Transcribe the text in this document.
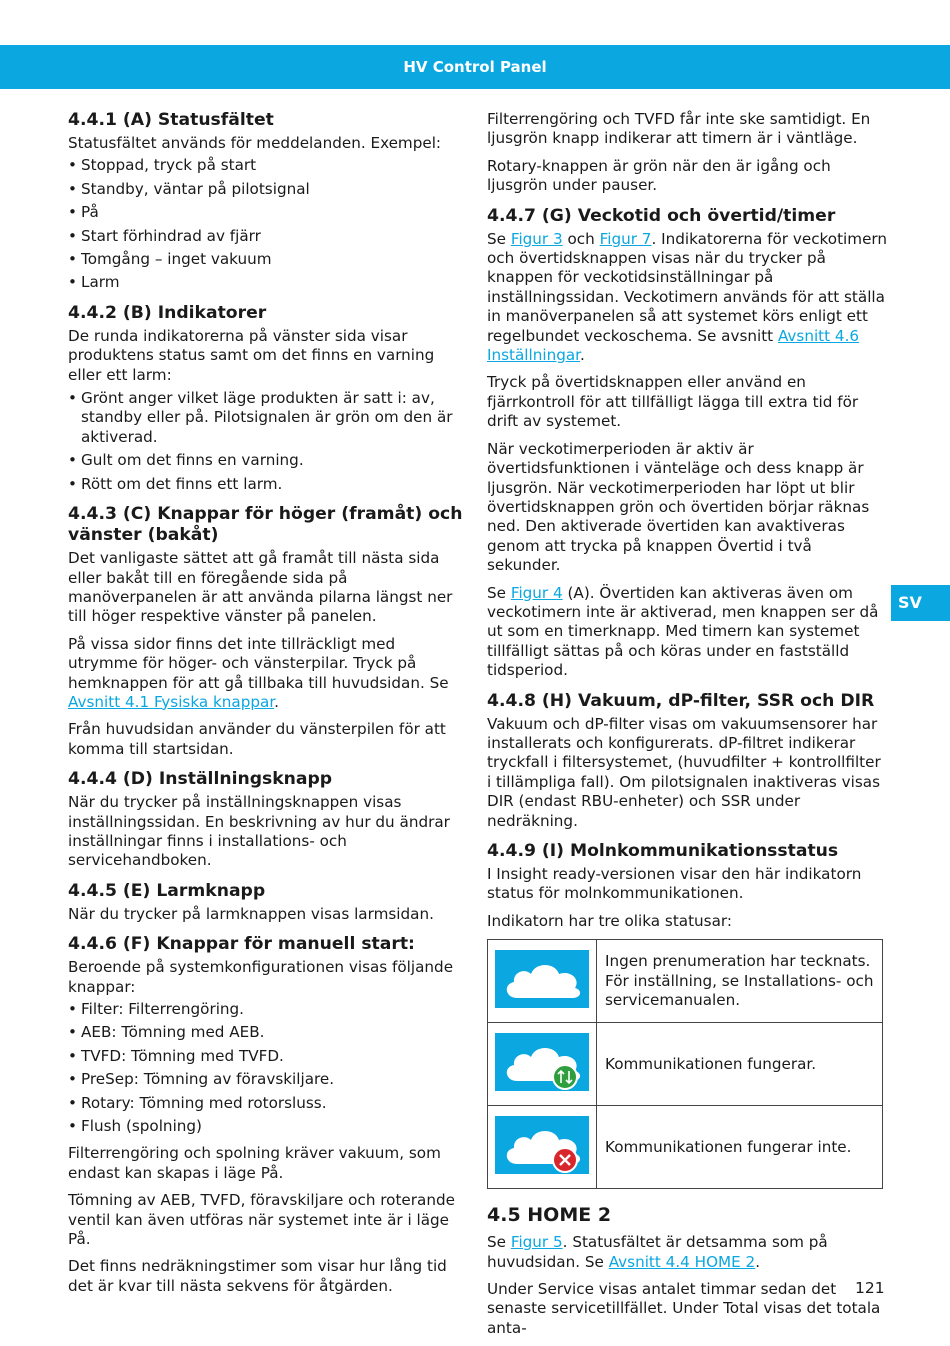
HV Control Panel
SV
4.4.1 (A) Statusfältet

Statusfältet används för meddelanden. Exempel:

• Stoppad, tryck på start
• Standby, väntar på pilotsignal
• På
• Start förhindrad av fjärr
• Tomgång – inget vakuum
• Larm
4.4.2 (B) Indikatorer

De runda indikatorerna på vänster sida visar produktens status samt om det finns en varning eller ett larm:

• Grönt anger vilket läge produkten är satt i: av, standby eller på. Pilotsignalen är grön om den är aktiverad.
• Gult om det finns en varning.
• Rött om det finns ett larm.
4.4.3 (C) Knappar för höger (framåt) och vänster (bakåt)

Det vanligaste sättet att gå framåt till nästa sida eller bakåt till en föregående sida på manöverpanelen är att använda pilarna längst ner till höger respektive vänster på panelen.

På vissa sidor finns det inte tillräckligt med utrymme för höger- och vänsterpilar. Tryck på hemknappen för att gå tillbaka till huvudsidan. Se Avsnitt 4.1 Fysiska knappar.

Från huvudsidan använder du vänsterpilen för att komma till startsidan.

4.4.4 (D) Inställningsknapp

När du trycker på inställningsknappen visas inställningssidan. En beskrivning av hur du ändrar inställningar finns i installations- och servicehandboken.

4.4.5 (E) Larmknapp

När du trycker på larmknappen visas larmsidan.

4.4.6 (F) Knappar för manuell start:

Beroende på systemkonfigurationen visas följande knappar:

• Filter: Filterrengöring.
• AEB: Tömning med AEB.
• TVFD: Tömning med TVFD.
• PreSep: Tömning av föravskiljare.
• Rotary: Tömning med rotorsluss.
• Flush (spolning)

Filterrengöring och spolning kräver vakuum, som endast kan skapas i läge På.

Tömning av AEB, TVFD, föravskiljare och roterande ventil kan även utföras när systemet inte är i läge På.

Det finns nedräkningstimer som visar hur lång tid det är kvar till nästa sekvens för åtgärden.

Filterrengöring och TVFD får inte ske samtidigt. En ljusgrön knapp indikerar att timern är i väntläge.

Rotary-knappen är grön när den är igång och ljusgrön under pauser.

4.4.7 (G) Veckotid och övertid/timer

Se Figur 3 och Figur 7. Indikatorerna för veckotimern och övertidsknappen visas när du trycker på knappen för veckotidsinställningar på inställningssidan. Veckotimern används för att ställa in manöverpanelen så att systemet körs enligt ett regelbundet veckoschema. Se avsnitt Avsnitt 4.6 Inställningar.

Tryck på övertidsknappen eller använd en fjärrkontroll för att tillfälligt lägga till extra tid för drift av systemet.

När veckotimerperioden är aktiv är övertidsfunktionen i vänteläge och dess knapp är ljusgrön. När veckotimerperioden har löpt ut blir övertidsknappen grön och övertiden börjar räknas ned. Den aktiverade övertiden kan avaktiveras genom att trycka på knappen Övertid i två sekunder.

Se Figur 4 (A). Övertiden kan aktiveras även om veckotimern inte är aktiverad, men knappen ser då ut som en timerknapp. Med timern kan systemet tillfälligt sättas på och köras under en fastställd tidsperiod.

4.4.8 (H) Vakuum, dP-filter, SSR och DIR

Vakuum och dP-filter visas om vakuumsensorer har installerats och konfigurerats. dP-filtret indikerar tryckfall i filtersystemet, (huvudfilter + kontrollfilter i tillämpliga fall). Om pilotsignalen inaktiveras visas DIR (endast RBU-enheter) och SSR under nedräkning.

4.4.9 (I) Molnkommunikationsstatus

I Insight ready-versionen visar den här indikatorn status för molnkommunikationen.

Indikatorn har tre olika statusar:

	Ingen prenumeration har tecknats. För inställning, se Installations- och servicemanualen.

	Kommunikationen fungerar.

	Kommunikationen fungerar inte.
4.5 HOME 2

Se Figur 5. Statusfältet är detsamma som på huvudsidan. Se Avsnitt 4.4 HOME 2.

Under Service visas antalet timmar sedan det senaste servicetillfället. Under Total visas det totala anta-

121
